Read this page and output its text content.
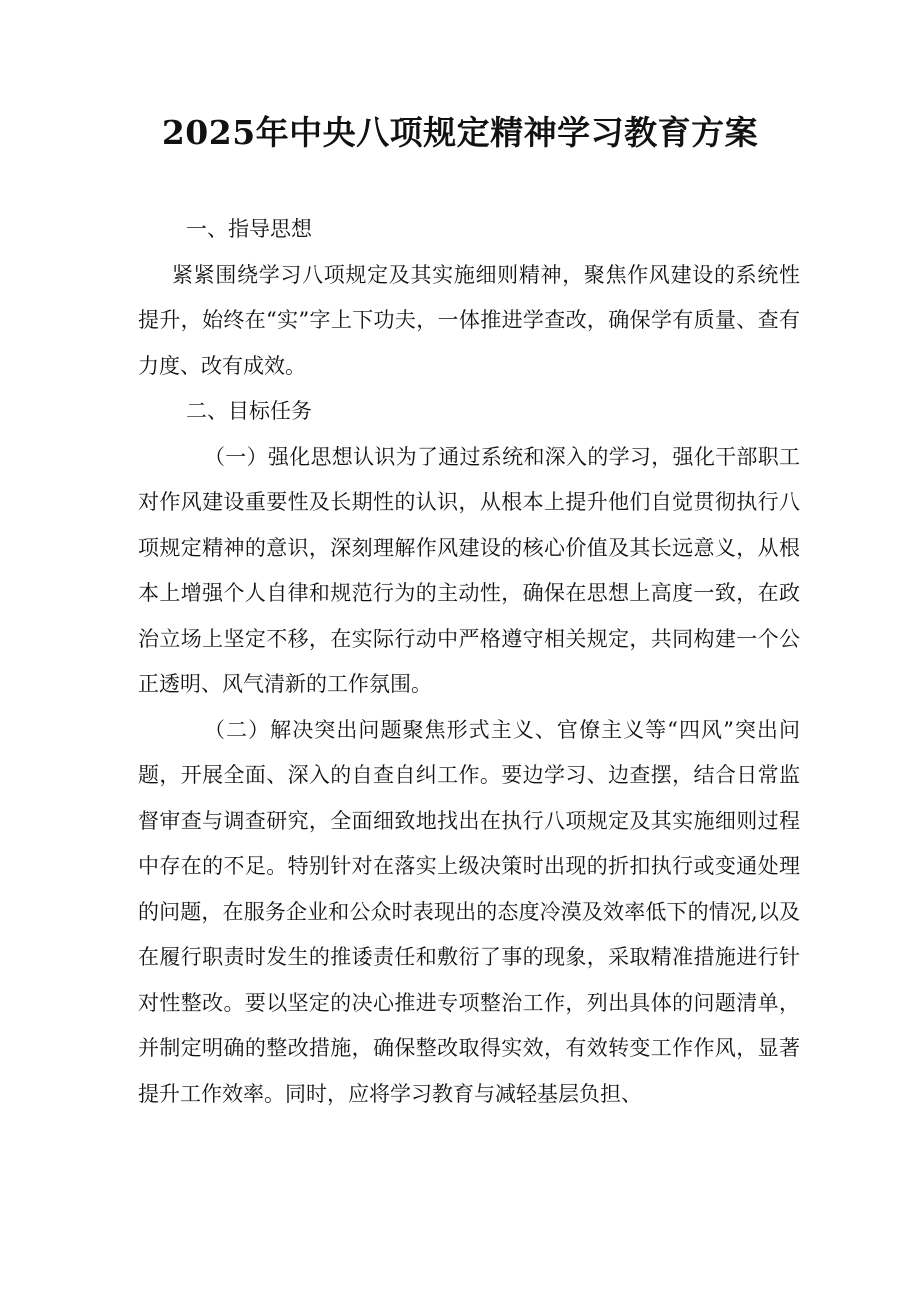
2025年中央八项规定精神学习教育方案

一、指导思想

紧紧围绕学习八项规定及其实施细则精神，聚焦作风建设的系统性提升，始终在“实”字上下功夫，一体推进学查改，确保学有质量、查有力度、改有成效。

二、目标任务

（一）强化思想认识为了通过系统和深入的学习，强化干部职工对作风建设重要性及长期性的认识，从根本上提升他们自觉贯彻执行八项规定精神的意识，深刻理解作风建设的核心价值及其长远意义，从根本上增强个人自律和规范行为的主动性，确保在思想上高度一致，在政治立场上坚定不移，在实际行动中严格遵守相关规定，共同构建一个公正透明、风气清新的工作氛围。

（二）解决突出问题聚焦形式主义、官僚主义等“四风”突出问题，开展全面、深入的自查自纠工作。要边学习、边查摆，结合日常监督审查与调查研究，全面细致地找出在执行八项规定及其实施细则过程中存在的不足。特别针对在落实上级决策时出现的折扣执行或变通处理的问题，在服务企业和公众时表现出的态度冷漠及效率低下的情况,以及在履行职责时发生的推诿责任和敷衍了事的现象，采取精准措施进行针对性整改。要以坚定的决心推进专项整治工作，列出具体的问题清单，并制定明确的整改措施，确保整改取得实效，有效转变工作作风，显著提升工作效率。同时，应将学习教育与减轻基层负担、
